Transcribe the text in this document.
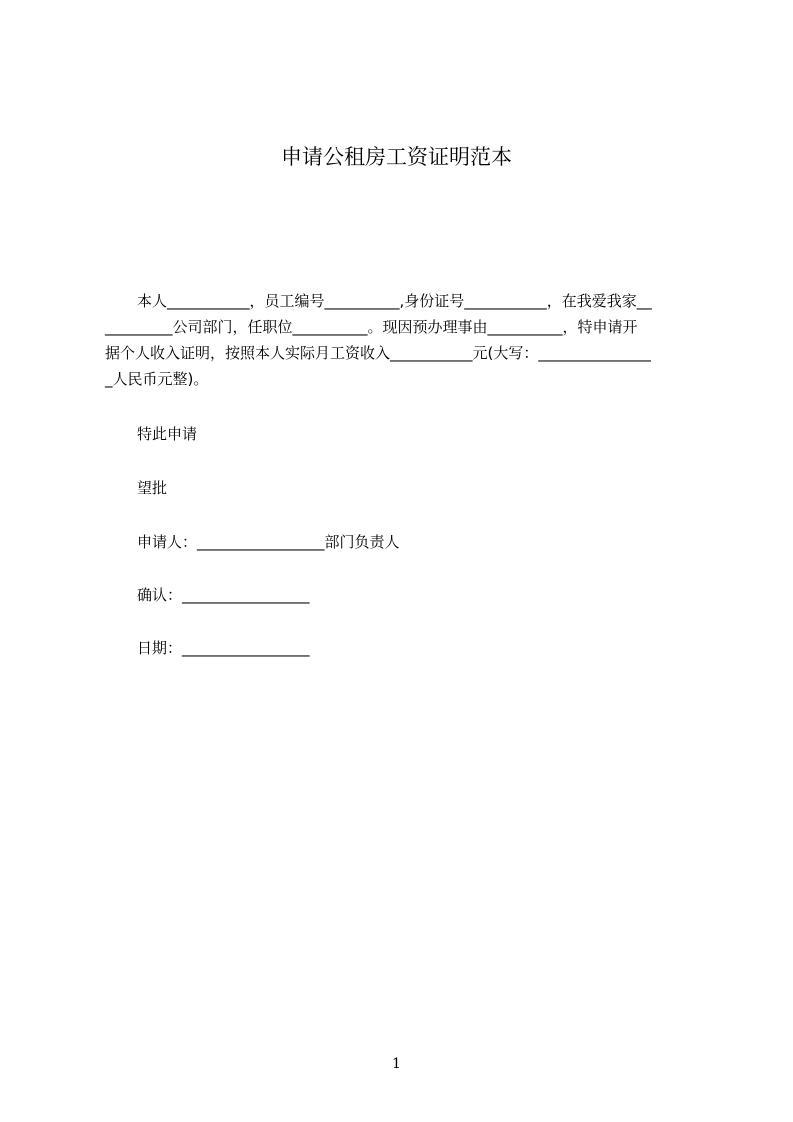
申请公租房工资证明范本

本人___________，员工编号__________,身份证号___________，在我爱我家__

_________公司部门，任职位__________。现因预办理事由__________，特申请开

据个人收入证明，按照本人实际月工资收入___________元(大写：_______________

_人民币元整)。

特此申请

望批

申请人：_________________部门负责人

确认：_________________

日期：_________________

1
